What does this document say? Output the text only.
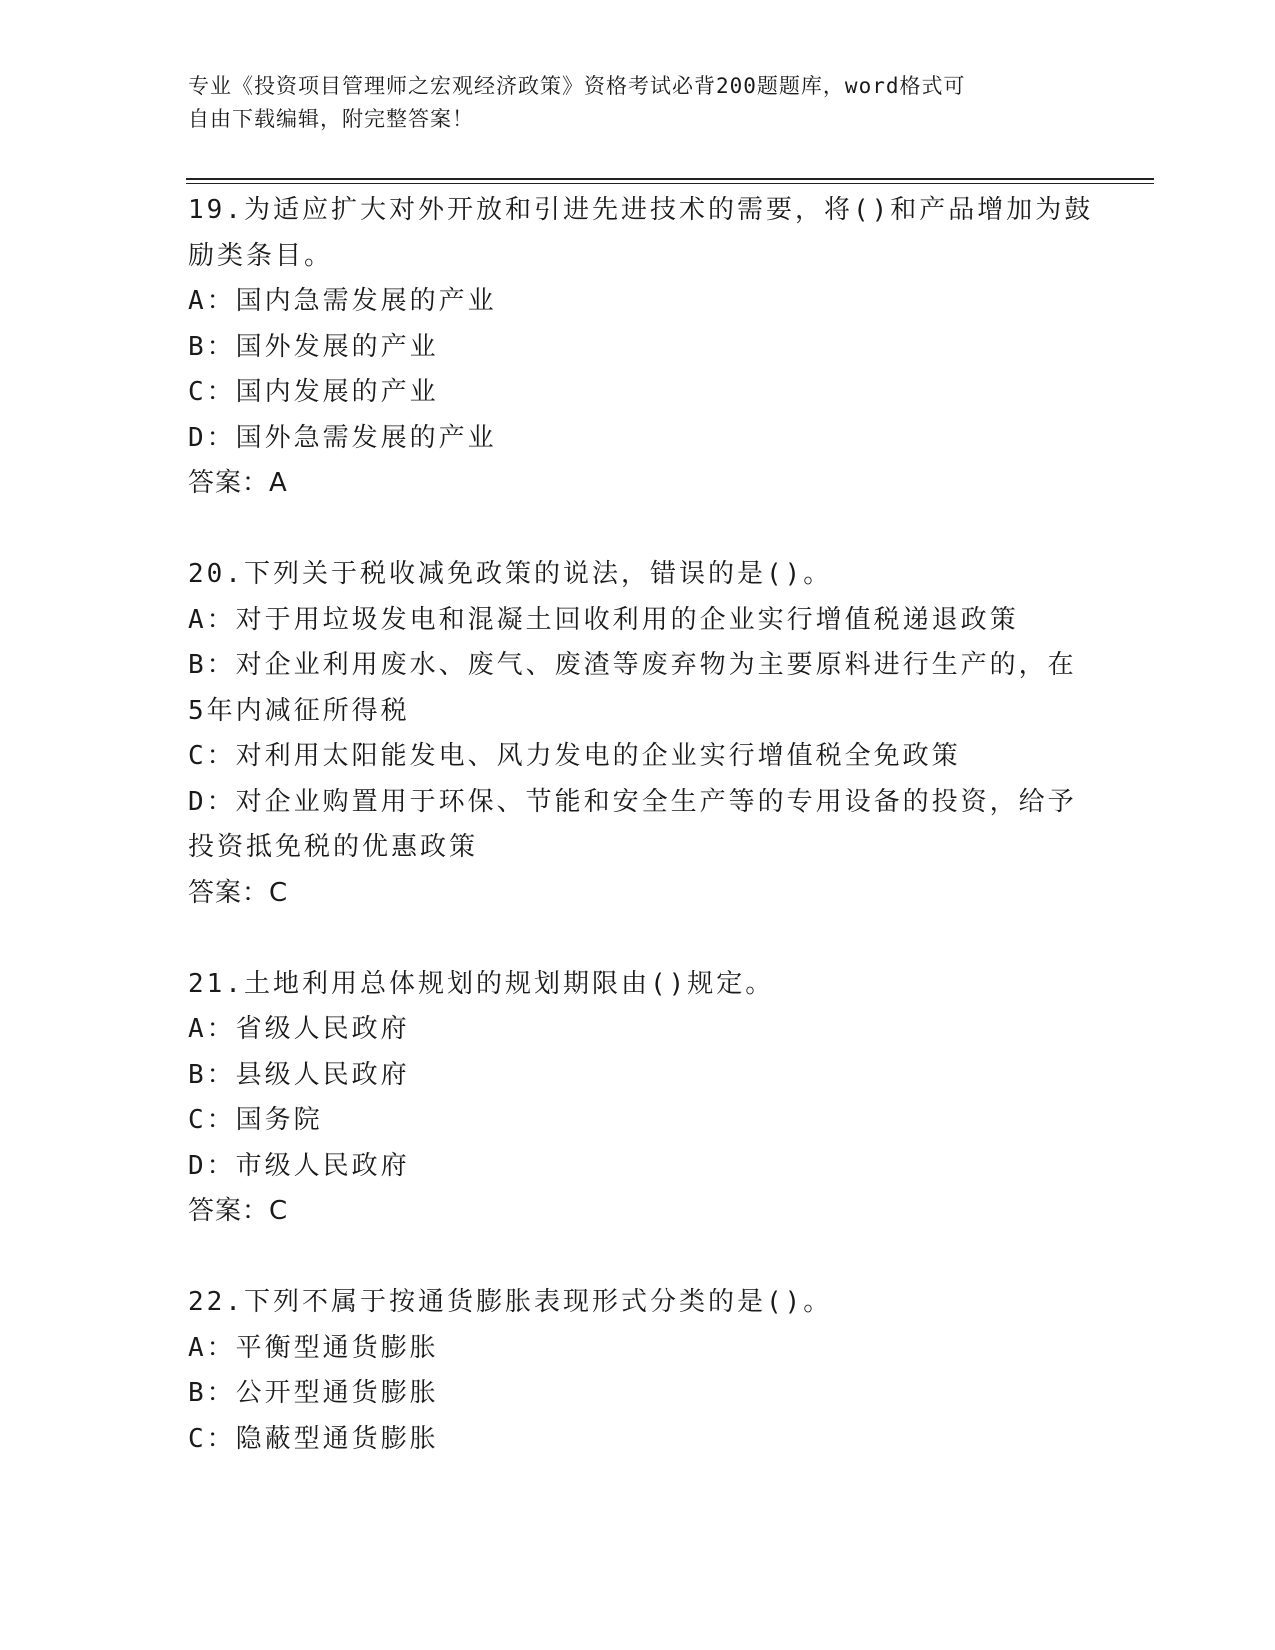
专业《投资项目管理师之宏观经济政策》资格考试必背200题题库，word格式可
自由下载编辑，附完整答案！
19.为适应扩大对外开放和引进先进技术的需要，将()和产品增加为鼓
励类条目。
A：国内急需发展的产业
B：国外发展的产业
C：国内发展的产业
D：国外急需发展的产业
答案：A
20.下列关于税收减免政策的说法，错误的是()。
A：对于用垃圾发电和混凝土回收利用的企业实行增值税递退政策
B：对企业利用废水、废气、废渣等废弃物为主要原料进行生产的，在
5年内减征所得税
C：对利用太阳能发电、风力发电的企业实行增值税全免政策
D：对企业购置用于环保、节能和安全生产等的专用设备的投资，给予
投资抵免税的优惠政策
答案：C
21.土地利用总体规划的规划期限由()规定。
A：省级人民政府
B：县级人民政府
C：国务院
D：市级人民政府
答案：C
22.下列不属于按通货膨胀表现形式分类的是()。
A：平衡型通货膨胀
B：公开型通货膨胀
C：隐蔽型通货膨胀
